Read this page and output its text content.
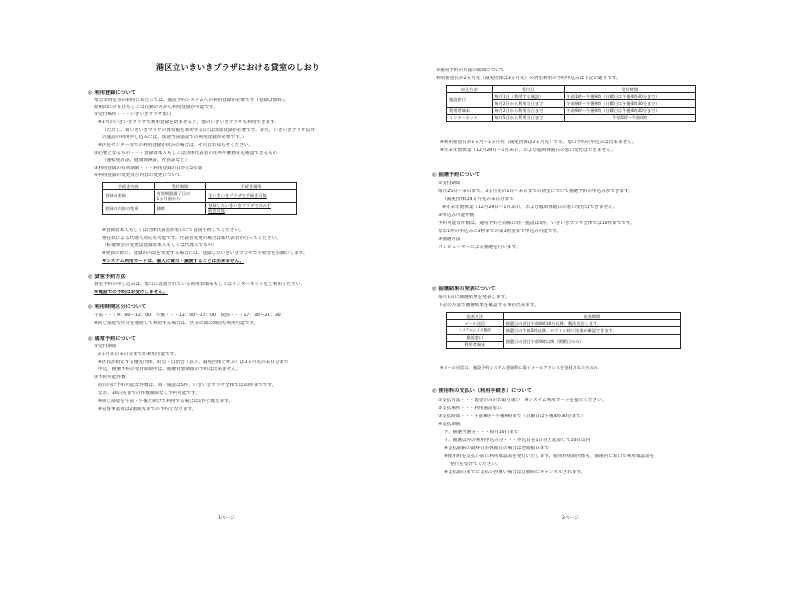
港区立いきいきプラザにおける貸室のしおり
◎ 利用登録について
集会等貸室等の利用にあたっては、施設予約システムへの利用登録が必要です（登録は無料）。
原則的に区在住もしくは在勤の方から利用登録が可能です。
①受付場所・・・いきいきプラザ窓口
※1つのいきいきプラザで利用登録を済ませると、他のいきいきプラザも利用できます。
（ただし、貴いきいきプラザの体育館を利用する(には別途登録が必要です。また、いきいきプラザ以外
の施設の利用申し込みには、別途当該施設での利用登録が必要です。）
※区民センター等での利用登録が済みの場合は、その旨お知らせください。
②必要となるもの・・・登録者本人もしくは団体代表者の住所や勤務先を確認できるもの
（運転免許証、健康保険証、社員証など）
③利用登録の有効期限・・・利用登録の日から5年間
④利用登録の変更及び内容の変更について
手続き内容	受付期間	手続き場所
登録の更新	有効期限満了日の
1ヵ月前から	全いきいきプラザで手続き可能
登録の内容の変更	随時	登録したいきいきプラザでのみ手
続き可能
※登録者本人もしくは団体代表者が窓口にて直接手続してください。
委任状による代理人対応も可能です。代表者変更の場合は新代表者が行ってください。
（町幾事会の変更は登録者本人もしくは代理人でも可）
※更新の際に、登録の内容を変更する場合には、登録したいきいきプラザで手続きをお願いします。
※システム利用カードは、個人に貸与・譲渡することは出来ません。
◎ 貸室予約方法
貸室予約の申し込みは、窓口に設置されている利用者端末もしくはインターネットをご利用ください。
※電話での予約はお受けしません。
◎ 利用時間区分について
午前・・・9：00～12：00　午後・・・13：00～17：00　夜間・・・17：30～21：30
※同じ部屋で区分を連続して利用する場合は、区分の間の時間も利用可能です。
◎ 通常予約について
①受付期間
2ヵ月先の末日分までが利用可能です。
※区長が指定する優先団体、町会・自治会（以下、減免団体と呼ぶ）は3ヵ月先の末日分まで
申込、抽選予約の受付期間中は、抽選対象期間の予約は出来ません。
②予約可能件数
同月内に予約可能な件数は、同一施設は5件、いきいきプラザ全体では10件までです。
なお、30日先までの件数制限なし予約可能です。
※同じ部屋を午前・午後と続けて利用する場合は1件と数えます。
※宣誓事業者は2週間先までの予約となります。
1ページ
③通常予約の方法の期間について
利用希望日が2ヵ月先（減免団体は3ヵ月先）の貸室利用の予約申込みは下記の通りです。
申込方法	受付日	受付時間
施設窓口	毎月1日（利用する施設）	午前1時～午後9時（日曜日は午後4時30分まで）
	毎月2日から利用当日まで	午前9時～午後9時（日曜日は午後4時30分まで）
利用者端末	毎月2日から利用当日まで	午前9時～午後9時（日曜日は午後4時30分まで）
インターネット	毎月5日から利用当日まで	午前5時～午前0時
※利用希望日が1ヵ月～1ヵ月先（減免団体は2ヵ月先）でも、窓口予約の申込みは出来ません。
※年末年始休業（12月29日～1月3日）、および臨時休館日の窓口受付はできません。
◎ 抽選予約について
①受付期間
毎月25日～末日まで、3ヵ月先の1日～末日までの貸室について抽選予約の申込みができます。
（減免団体は4ヵ月先の末日分まで
※年末年始休業（12月29日～1月3日）、および臨時休館日の窓口受付はできません。
②申込み可能件数
予約可能な件数は、通常予約と同様に同一施設は5件、いきいきプラザ全体では10件までです。
なお1件の申込みに3枠までの第3希望まで申込み可能です。
③抽選方法
コンピューターによる抽選を行います。
◎ 抽選結果の発表について
毎月1日に抽選結果を発表します。
下記の方法で抽選結果を確認する事が出来ます。
発表方法	発表期間
メール送信	抽選日の翌日午前8時30分以降、順次送信します。
システムによる確認	抽選日の午前5時以降、ログイン時に結果が確認できます。
施設窓口	抽選日の翌日午前9時以降（開館日のみ）
利用者端末	
※メール送信は、施設予約システム登録時に電子メールアドレスを登録された方のみ
◎ 使用料の支払い（利用手続き）について
①支払方法・・・現金のみのお取り扱い　※システム利用カードを提示ください。
②支払場所・・・利用施設窓口
③支払時間・・・午前9時～午後9時まで（日曜日は午後4時30分まで）
④支払期限
ア、抽選当選分・・・毎月10日まで
イ、抽選以外の利用申込み分・・・申込日を1日目と起算して10日以内
※支払期限の最終日が休館日の場合は翌開館日まで
※使用料を支払い前に利用承認書を発行いたします。使用料免除団体も、期限内に窓口で利用承認書を
発行を受けてください。
※支払期日までに支払いが無い場合は自動的にキャンセルされます。
2ページ
